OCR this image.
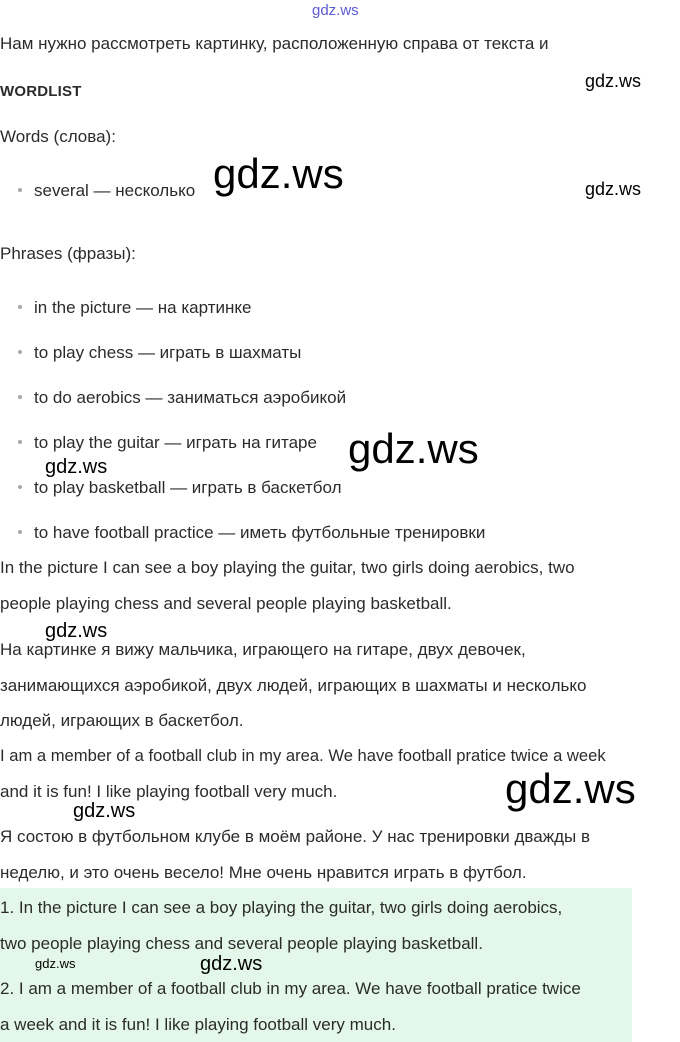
gdz.ws
Нам нужно рассмотреть картинку, расположенную справа от текста и
WORDLIST
gdz.ws
Words (слова):
several — несколько gdz.ws	gdz.ws
Phrases (фразы):
in the picture — на картинке
to play chess — играть в шахматы
to do aerobics — заниматься аэробикой
to play the guitar — играть на гитаре
to play basketball — играть в баскетбол
to have football practice — иметь футбольные тренировки
gdz.ws
gdz.ws
In the picture I can see a boy playing the guitar, two girls doing aerobics, two
people playing chess and several people playing basketball.
gdz.ws
На картинке я вижу мальчика, играющего на гитаре, двух девочек,
занимающихся аэробикой, двух людей, играющих в шахматы и несколько
людей, играющих в баскетбол.
I am a member of a football club in my area. We have football pratice twice a week
and it is fun! I like playing football very much.	gdz.ws
gdz.ws
Я состою в футбольном клубе в моём районе. У нас тренировки дважды в
неделю, и это очень весело! Мне очень нравится играть в футбол.
1. In the picture I can see a boy playing the guitar, two girls doing aerobics,
two people playing chess and several people playing basketball.
gdz.ws	gdz.ws
2. I am a member of a football club in my area. We have football pratice twice
a week and it is fun! I like playing football very much.
